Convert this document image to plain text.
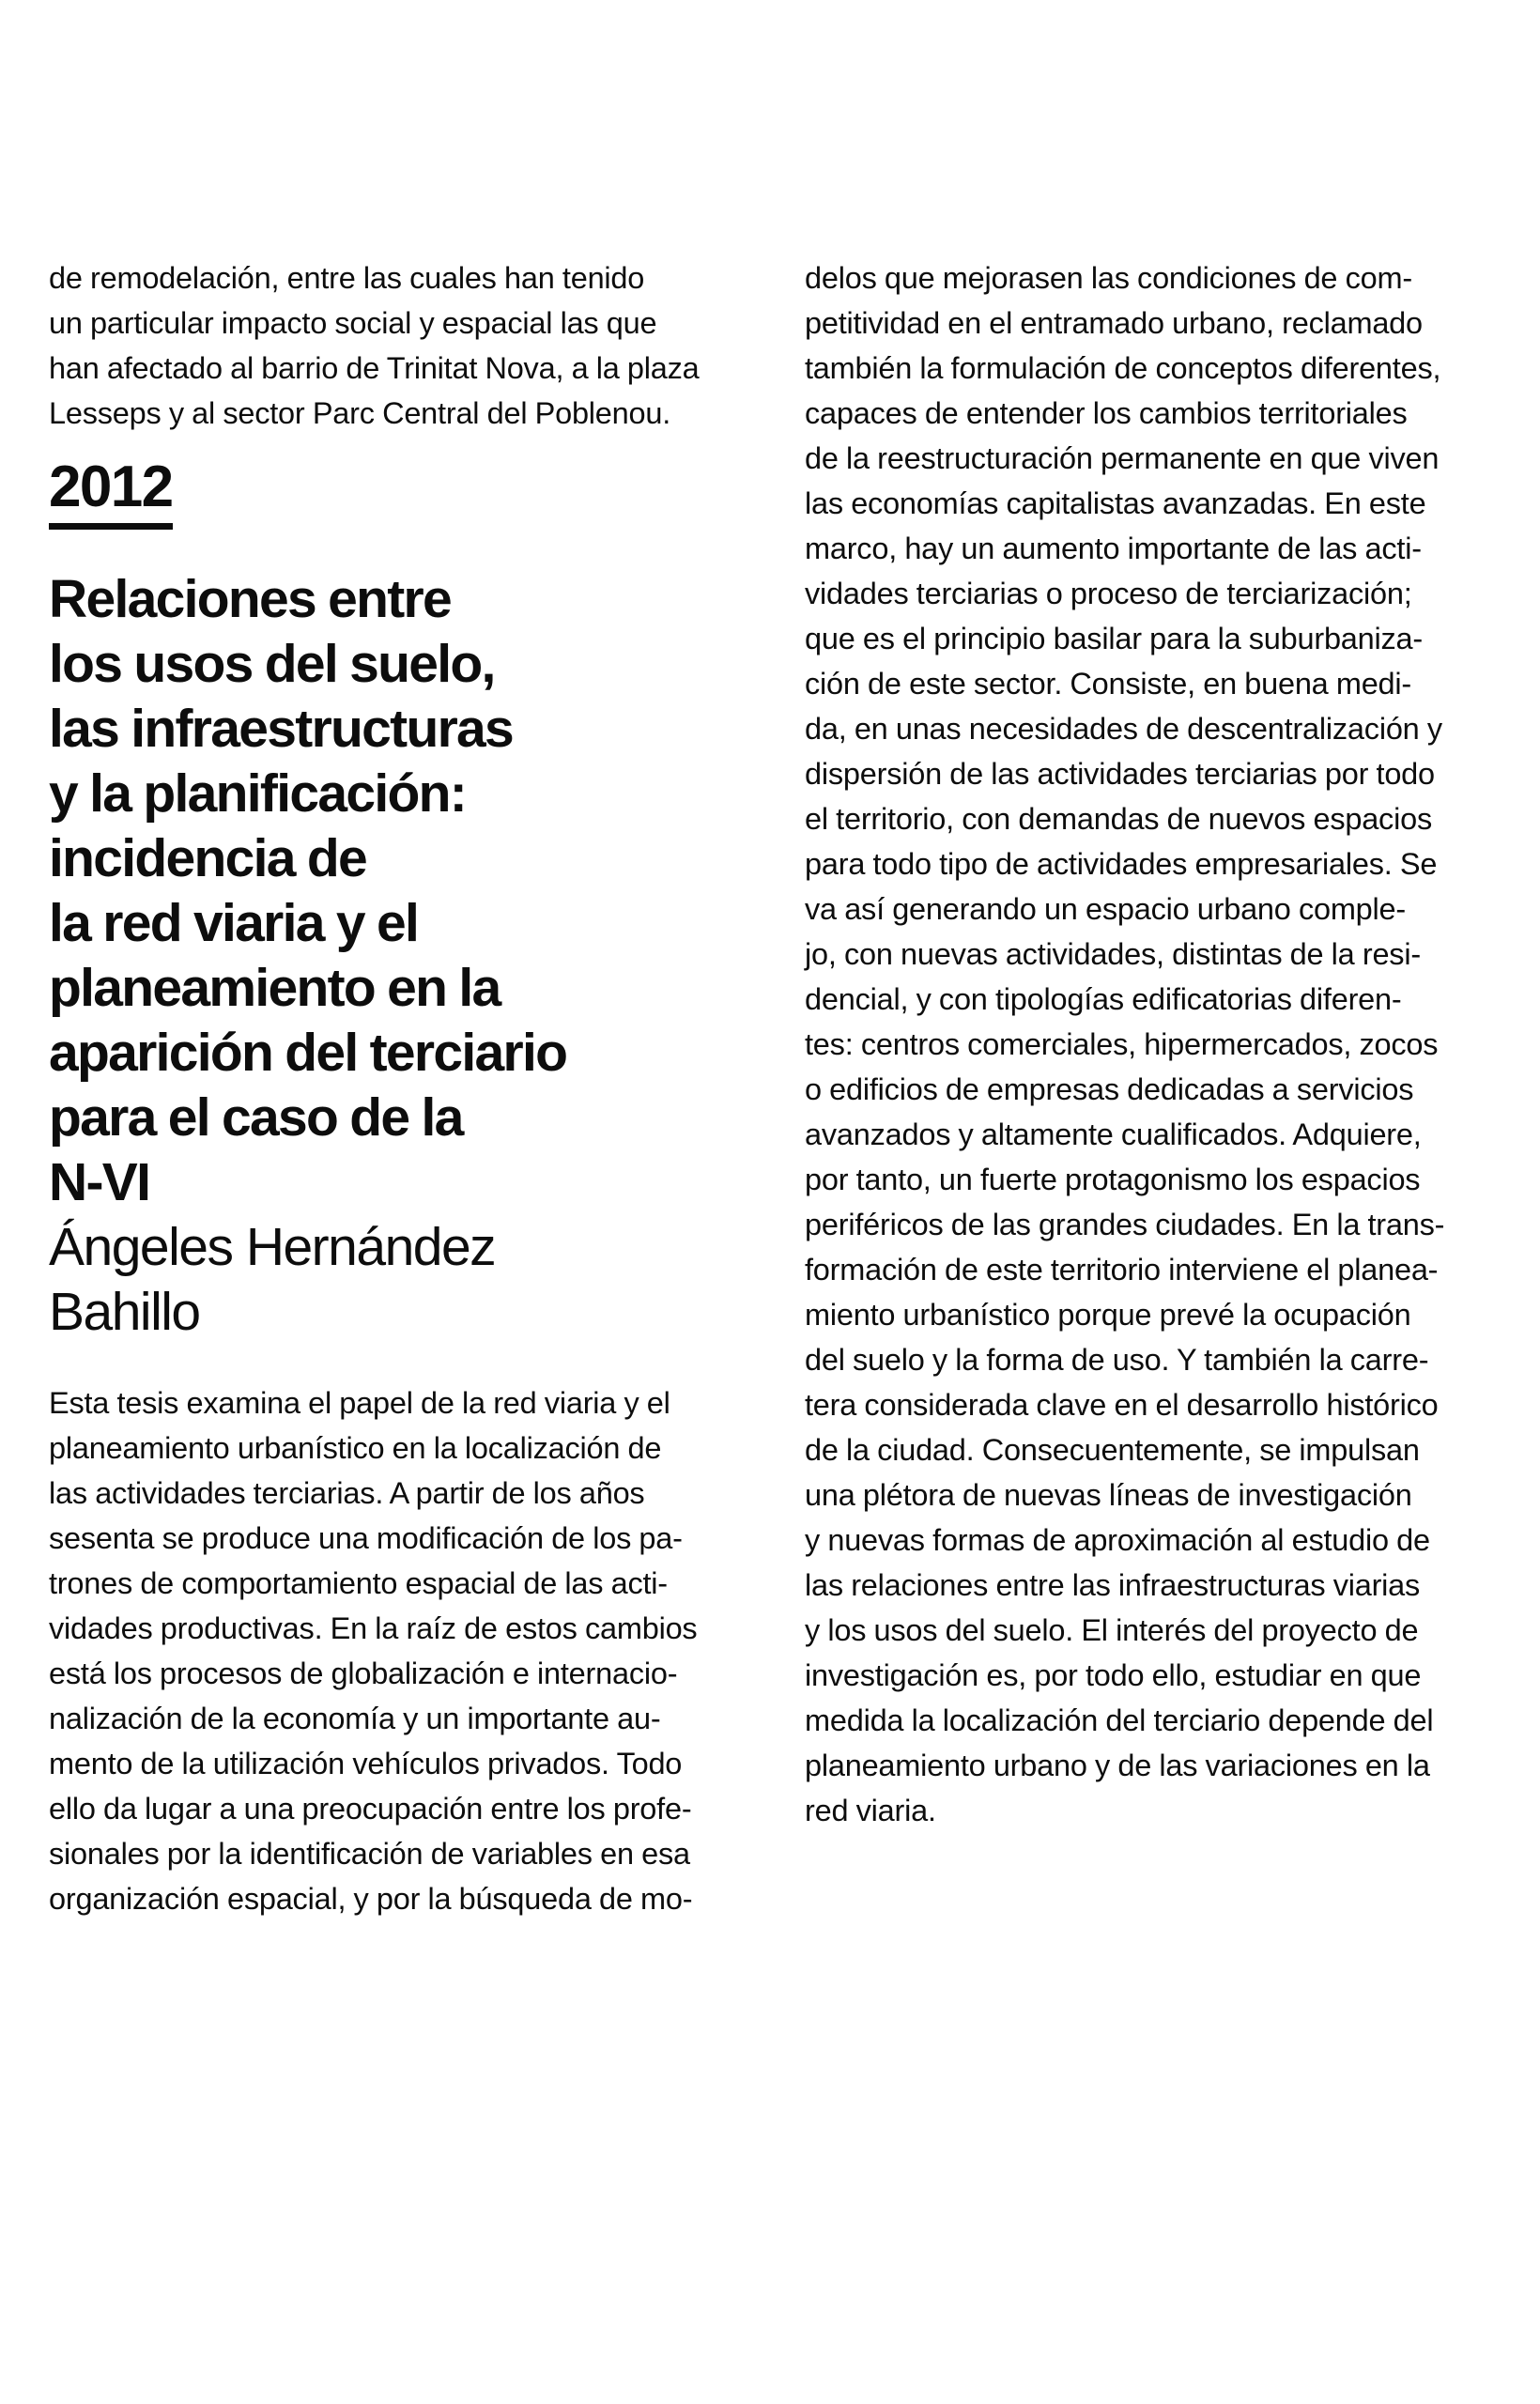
de remodelación, entre las cuales han tenido
un particular impacto social y espacial las que
han afectado al barrio de Trinitat Nova, a la plaza
Lesseps y al sector Parc Central del Poblenou.

2012
Relaciones entre
los usos del suelo,
las infraestructuras
y la planificación:
incidencia de
la red viaria y el
planeamiento en la
aparición del terciario
para el caso de la
N-VI
Ángeles Hernández
Bahillo

Esta tesis examina el papel de la red viaria y el
planeamiento urbanístico en la localización de
las actividades terciarias. A partir de los años
sesenta se produce una modificación de los pa-
trones de comportamiento espacial de las acti-
vidades productivas. En la raíz de estos cambios
está los procesos de globalización e internacio-
nalización de la economía y un importante au-
mento de la utilización vehículos privados. Todo
ello da lugar a una preocupación entre los profe-
sionales por la identificación de variables en esa
organización espacial, y por la búsqueda de mo-

delos que mejorasen las condiciones de com-
petitividad en el entramado urbano, reclamado
también la formulación de conceptos diferentes,
capaces de entender los cambios territoriales
de la reestructuración permanente en que viven
las economías capitalistas avanzadas. En este
marco, hay un aumento importante de las acti-
vidades terciarias o proceso de terciarización;
que es el principio basilar para la suburbaniza-
ción de este sector. Consiste, en buena medi-
da, en unas necesidades de descentralización y
dispersión de las actividades terciarias por todo
el territorio, con demandas de nuevos espacios
para todo tipo de actividades empresariales. Se
va así generando un espacio urbano comple-
jo, con nuevas actividades, distintas de la resi-
dencial, y con tipologías edificatorias diferen-
tes: centros comerciales, hipermercados, zocos
o edificios de empresas dedicadas a servicios
avanzados y altamente cualificados. Adquiere,
por tanto, un fuerte protagonismo los espacios
periféricos de las grandes ciudades. En la trans-
formación de este territorio interviene el planea-
miento urbanístico porque prevé la ocupación
del suelo y la forma de uso. Y también la carre-
tera considerada clave en el desarrollo histórico
de la ciudad. Consecuentemente, se impulsan
una plétora de nuevas líneas de investigación
y nuevas formas de aproximación al estudio de
las relaciones entre las infraestructuras viarias
y los usos del suelo. El interés del proyecto de
investigación es, por todo ello, estudiar en que
medida la localización del terciario depende del
planeamiento urbano y de las variaciones en la
red viaria.
